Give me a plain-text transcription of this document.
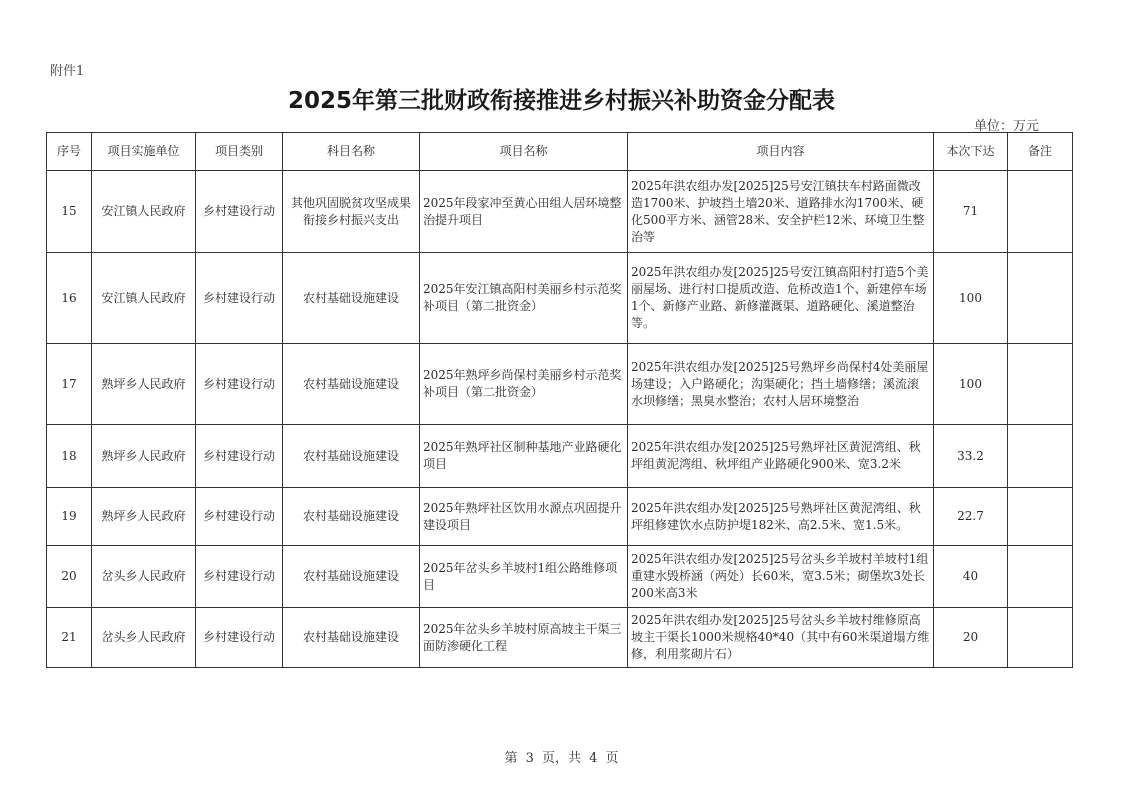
附件1
2025年第三批财政衔接推进乡村振兴补助资金分配表
单位：万元
序号	项目实施单位	项目类别	科目名称	项目名称	项目内容	本次下达	备注
15	安江镇人民政府	乡村建设行动	其他巩固脱贫攻坚成果衔接乡村振兴支出	2025年段家冲至黄心田组人居环境整治提升项目	2025年洪农组办发[2025]25号安江镇扶车村路面微改造1700米、护坡挡土墙20米、道路排水沟1700米、硬化500平方米、涵管28米、安全护栏12米、环境卫生整治等	71	
16	安江镇人民政府	乡村建设行动	农村基础设施建设	2025年安江镇高阳村美丽乡村示范奖补项目（第二批资金）	2025年洪农组办发[2025]25号安江镇高阳村打造5个美丽屋场、进行村口提质改造、危桥改造1个、新建停车场1个、新修产业路、新修灌溉渠、道路硬化、溪道整治等。	100	
17	熟坪乡人民政府	乡村建设行动	农村基础设施建设	2025年熟坪乡尚保村美丽乡村示范奖补项目（第二批资金）	2025年洪农组办发[2025]25号熟坪乡尚保村4处美丽屋场建设；入户路硬化；沟渠硬化；挡土墙修缮；溪流滚水坝修缮；黑臭水整治；农村人居环境整治	100	
18	熟坪乡人民政府	乡村建设行动	农村基础设施建设	2025年熟坪社区制种基地产业路硬化项目	2025年洪农组办发[2025]25号熟坪社区黄泥湾组、秋坪组黄泥湾组、秋坪组产业路硬化900米、宽3.2米	33.2	
19	熟坪乡人民政府	乡村建设行动	农村基础设施建设	2025年熟坪社区饮用水源点巩固提升建设项目	2025年洪农组办发[2025]25号熟坪社区黄泥湾组、秋坪组修建饮水点防护堤182米、高2.5米、宽1.5米。	22.7	
20	岔头乡人民政府	乡村建设行动	农村基础设施建设	2025年岔头乡羊坡村1组公路维修项目	2025年洪农组办发[2025]25号岔头乡羊坡村羊坡村1组重建水毁桥涵（两处）长60米，宽3.5米；砌堡坎3处长200米高3米	40	
21	岔头乡人民政府	乡村建设行动	农村基础设施建设	2025年岔头乡羊坡村原高坡主干渠三面防渗硬化工程	2025年洪农组办发[2025]25号岔头乡羊坡村维修原高坡主干渠长1000米规格40*40（其中有60米渠道塌方维修，利用浆砌片石）	20	
第 3 页，共 4 页
